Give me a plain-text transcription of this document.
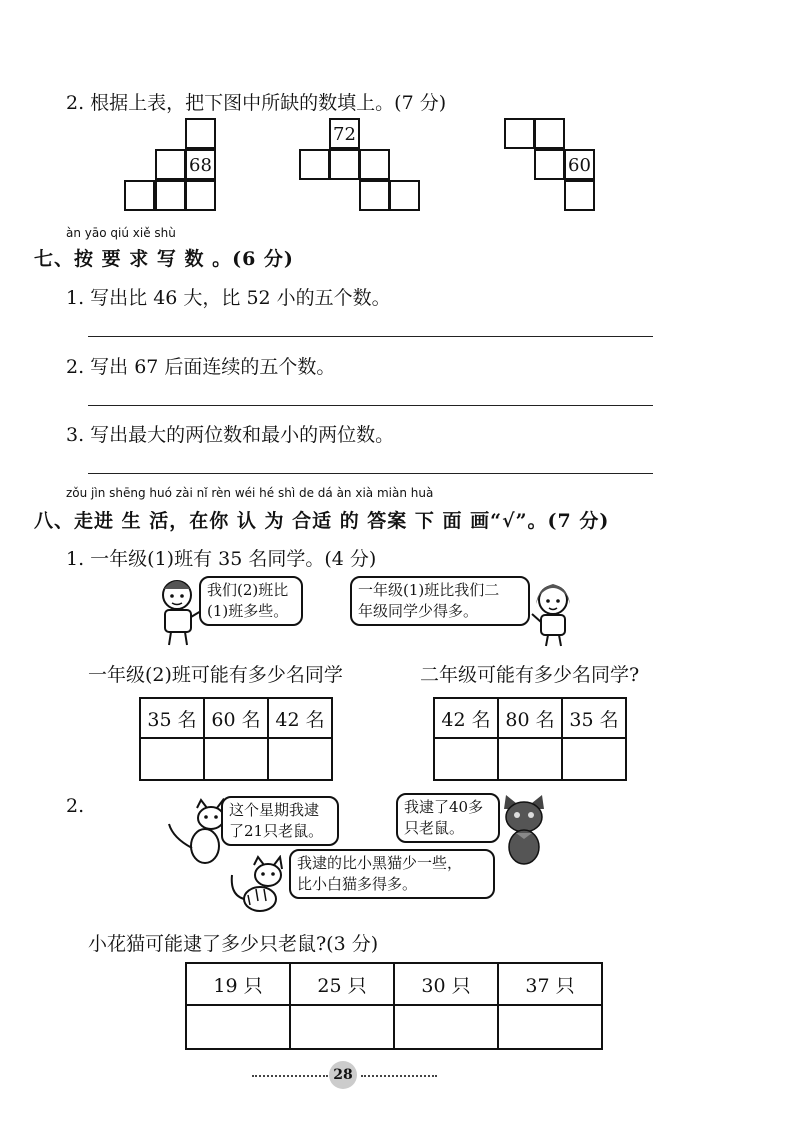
2. 根据上表，把下图中所缺的数填上。(7 分)
68
72
60
àn yāo qiú xiě shù
七、按 要 求 写 数 。(6 分)
1. 写出比 46 大，比 52 小的五个数。
2. 写出 67 后面连续的五个数。
3. 写出最大的两位数和最小的两位数。
zǒu jìn shēng huó zài nǐ rèn wéi hé shì de dá àn xià miàn huà
八、走进 生 活，在你 认 为 合适 的 答案 下 面 画“√”。(7 分)
1. 一年级(1)班有 35 名同学。(4 分)
我们(2)班比
(1)班多些。
一年级(1)班比我们二
年级同学少得多。
一年级(2)班可能有多少名同学	二年级可能有多少名同学?
35 名	60 名	42 名
			42 名	80 名	35 名

2.	这个星期我逮
了21只老鼠。
我逮了40多
只老鼠。
我逮的比小黑猫少一些，
比小白猫多得多。
小花猫可能逮了多少只老鼠?(3 分)
19 只	25 只	30 只	37 只

28
